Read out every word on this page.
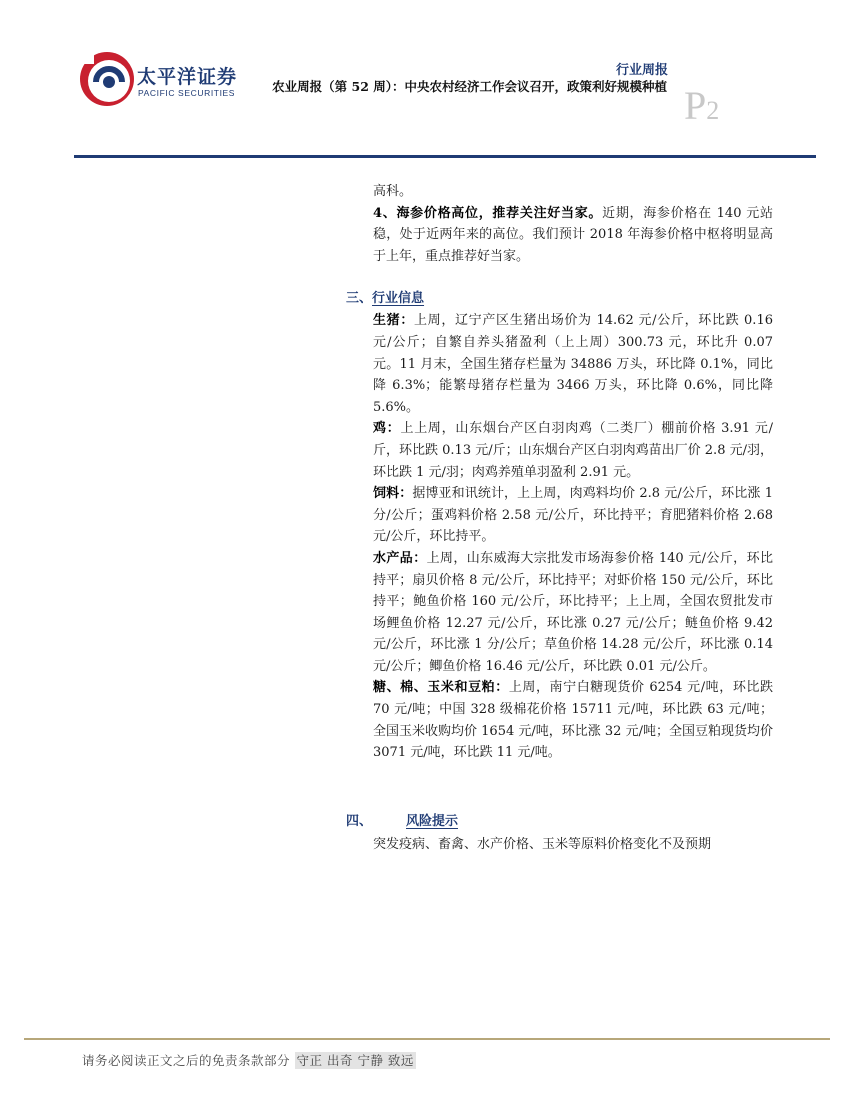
太平洋证券
PACIFIC SECURITIES
行业周报
农业周报（第 52 周）：中央农村经济工作会议召开，政策利好规模种植 P2

高科。

4、海参价格高位，推荐关注好当家。近期，海参价格在 140 元站稳，处于近两年来的高位。我们预计 2018 年海参价格中枢将明显高于上年，重点推荐好当家。

三、行业信息

生猪：上周，辽宁产区生猪出场价为 14.62 元/公斤，环比跌 0.16 元/公斤；自繁自养头猪盈利（上上周）300.73 元，环比升 0.07 元。11 月末，全国生猪存栏量为 34886 万头，环比降 0.1%，同比降 6.3%；能繁母猪存栏量为 3466 万头，环比降 0.6%，同比降 5.6%。

鸡：上上周，山东烟台产区白羽肉鸡（二类厂）棚前价格 3.91 元/斤，环比跌 0.13 元/斤；山东烟台产区白羽肉鸡苗出厂价 2.8 元/羽，环比跌 1 元/羽；肉鸡养殖单羽盈利 2.91 元。

饲料：据博亚和讯统计，上上周，肉鸡料均价 2.8 元/公斤，环比涨 1 分/公斤；蛋鸡料价格 2.58 元/公斤，环比持平；育肥猪料价格 2.68 元/公斤，环比持平。

水产品：上周，山东威海大宗批发市场海参价格 140 元/公斤，环比持平；扇贝价格 8 元/公斤，环比持平；对虾价格 150 元/公斤，环比持平；鲍鱼价格 160 元/公斤，环比持平；上上周，全国农贸批发市场鲤鱼价格 12.27 元/公斤，环比涨 0.27 元/公斤；鲢鱼价格 9.42 元/公斤，环比涨 1 分/公斤；草鱼价格 14.28 元/公斤，环比涨 0.14 元/公斤；鲫鱼价格 16.46 元/公斤，环比跌 0.01 元/公斤。

糖、棉、玉米和豆粕：上周，南宁白糖现货价 6254 元/吨，环比跌 70 元/吨；中国 328 级棉花价格 15711 元/吨，环比跌 63 元/吨；全国玉米收购均价 1654 元/吨，环比涨 32 元/吨；全国豆粕现货均价 3071 元/吨，环比跌 11 元/吨。

四、	风险提示
突发疫病、畜禽、水产价格、玉米等原料价格变化不及预期
请务必阅读正文之后的免责条款部分 守正 出奇 宁静 致远
